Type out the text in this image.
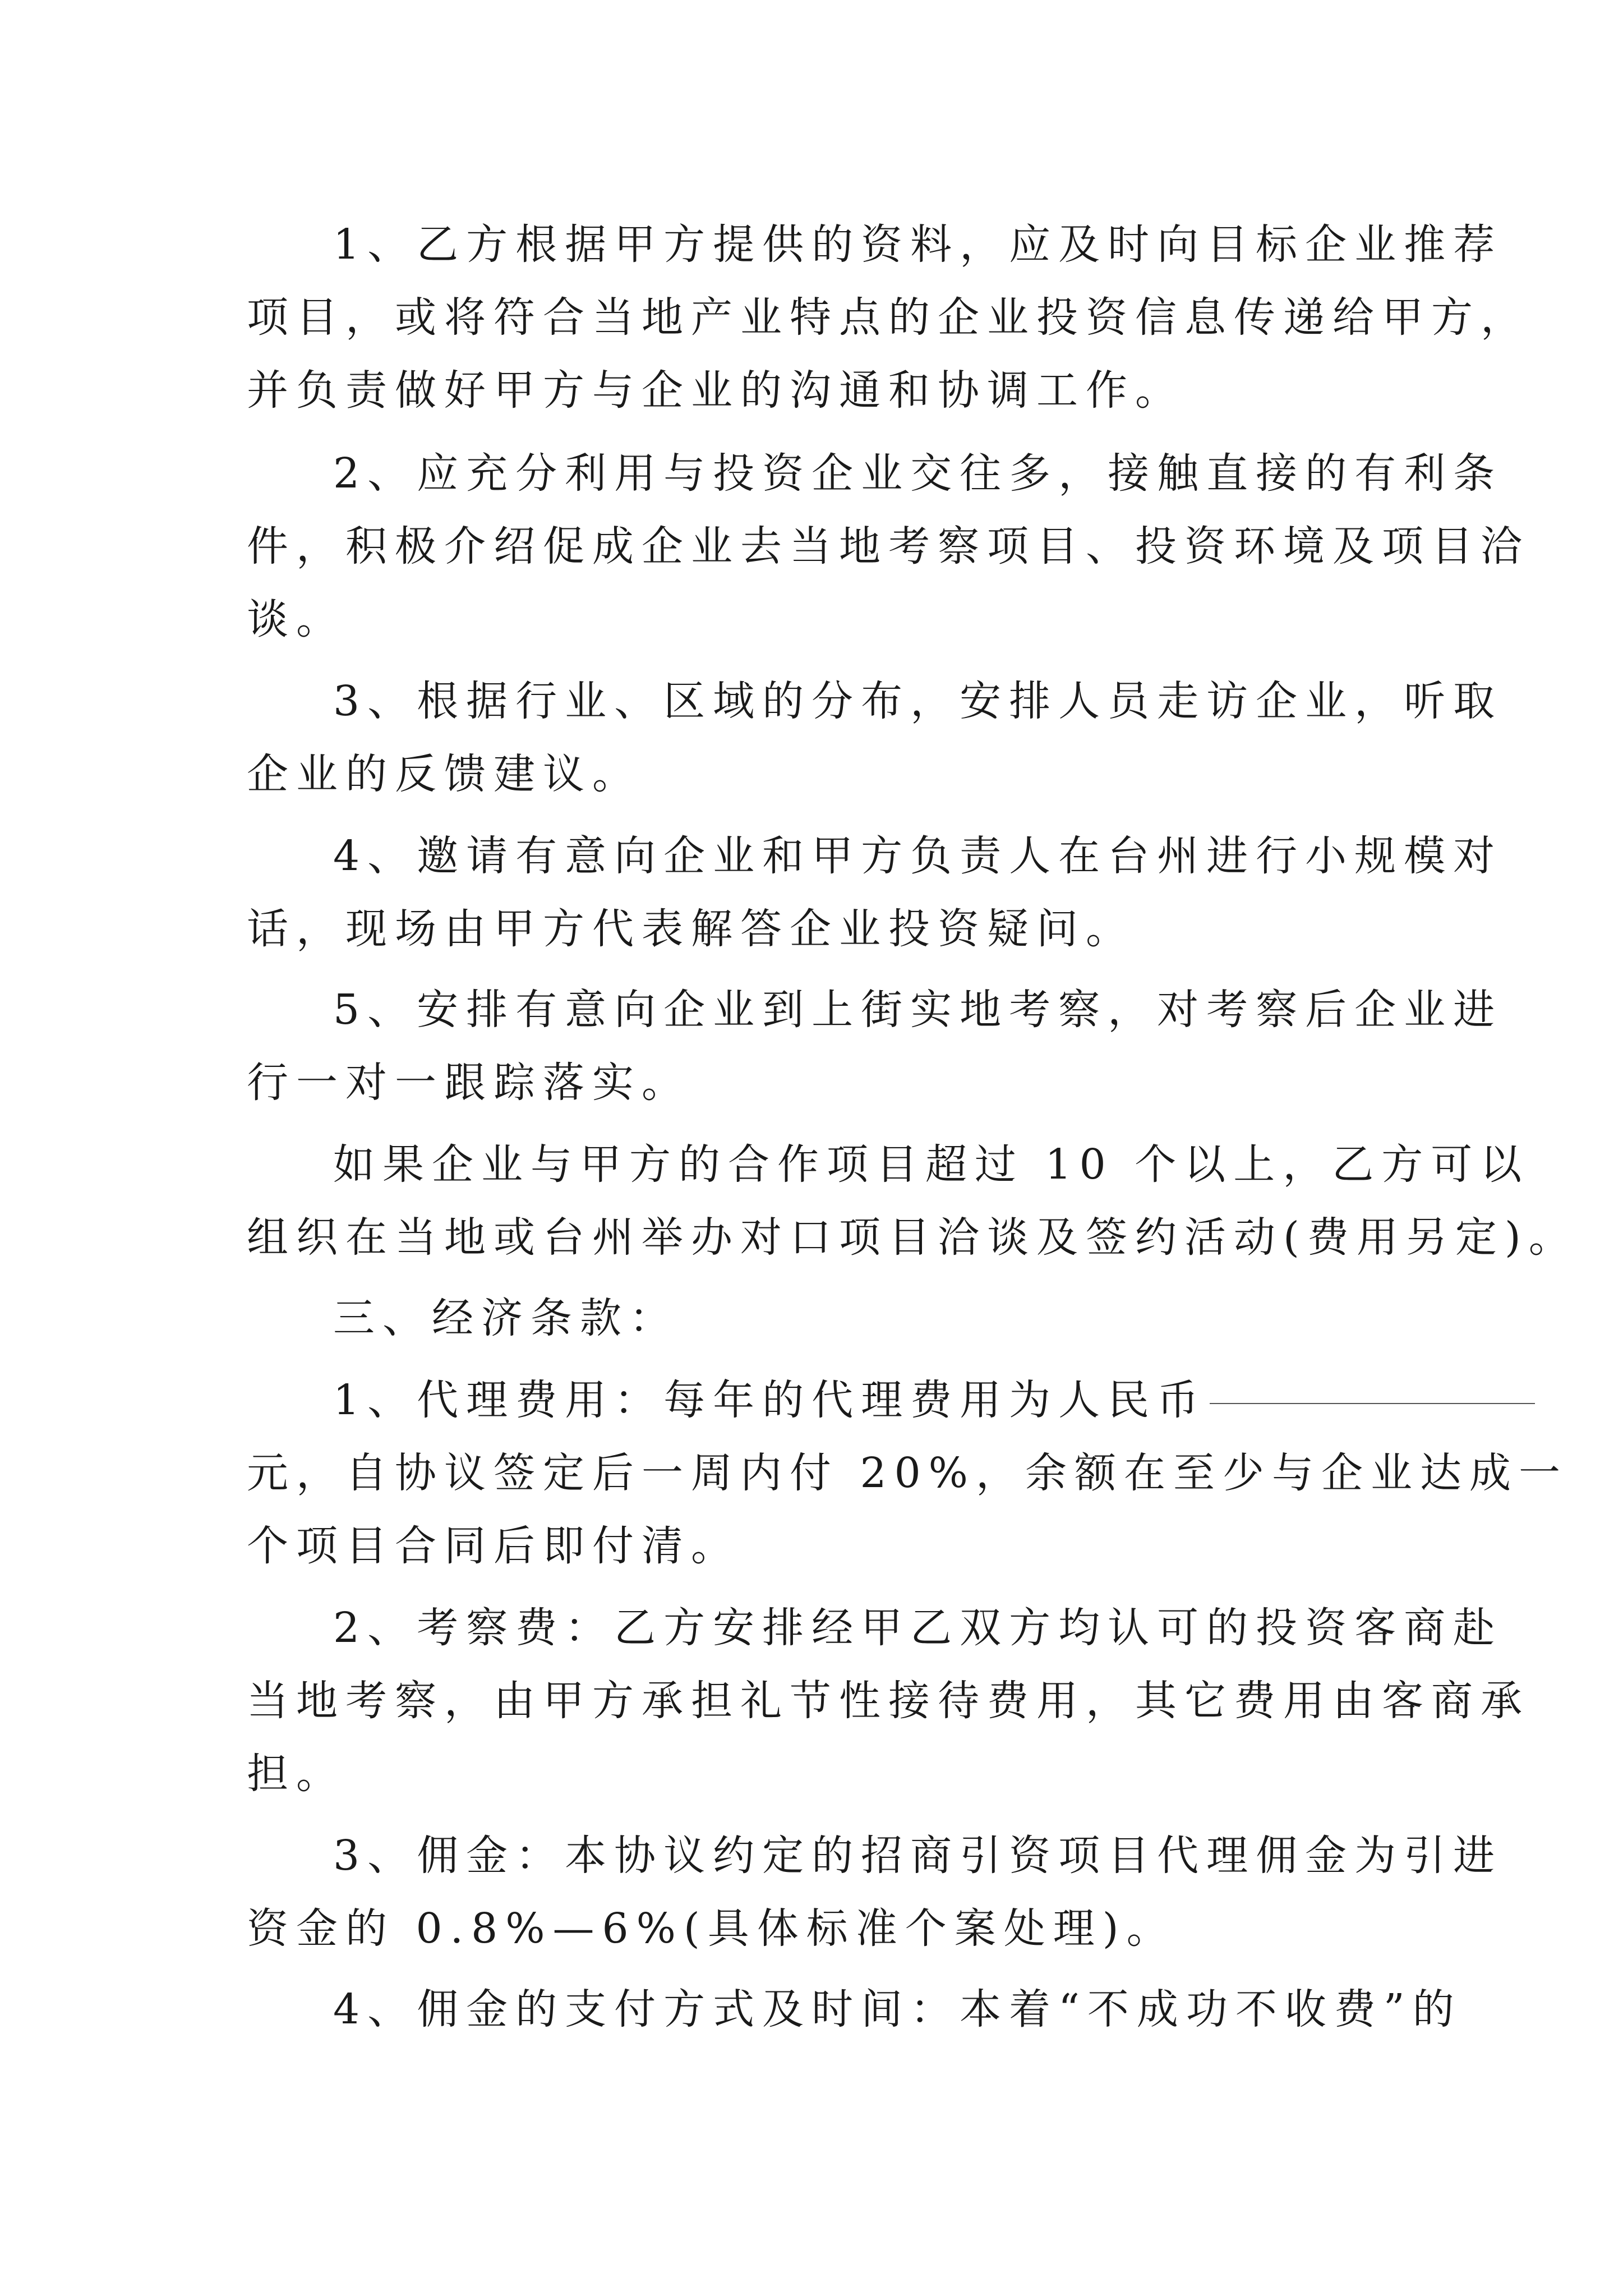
1、乙方根据甲方提供的资料，应及时向目标企业推荐
项目，或将符合当地产业特点的企业投资信息传递给甲方，
并负责做好甲方与企业的沟通和协调工作。
2、应充分利用与投资企业交往多，接触直接的有利条
件，积极介绍促成企业去当地考察项目、投资环境及项目洽
谈。
3、根据行业、区域的分布，安排人员走访企业，听取
企业的反馈建议。
4、邀请有意向企业和甲方负责人在台州进行小规模对
话，现场由甲方代表解答企业投资疑问。
5、安排有意向企业到上街实地考察，对考察后企业进
行一对一跟踪落实。
如果企业与甲方的合作项目超过 10 个以上，乙方可以
组织在当地或台州举办对口项目洽谈及签约活动(费用另定)。
三、经济条款：
1、代理费用：每年的代理费用为人民币
元，自协议签定后一周内付 20%，余额在至少与企业达成一
个项目合同后即付清。
2、考察费：乙方安排经甲乙双方均认可的投资客商赴
当地考察，由甲方承担礼节性接待费用，其它费用由客商承
担。
3、佣金：本协议约定的招商引资项目代理佣金为引进
资金的 0.8%—6%(具体标准个案处理)。
4、佣金的支付方式及时间：本着“不成功不收费”的
